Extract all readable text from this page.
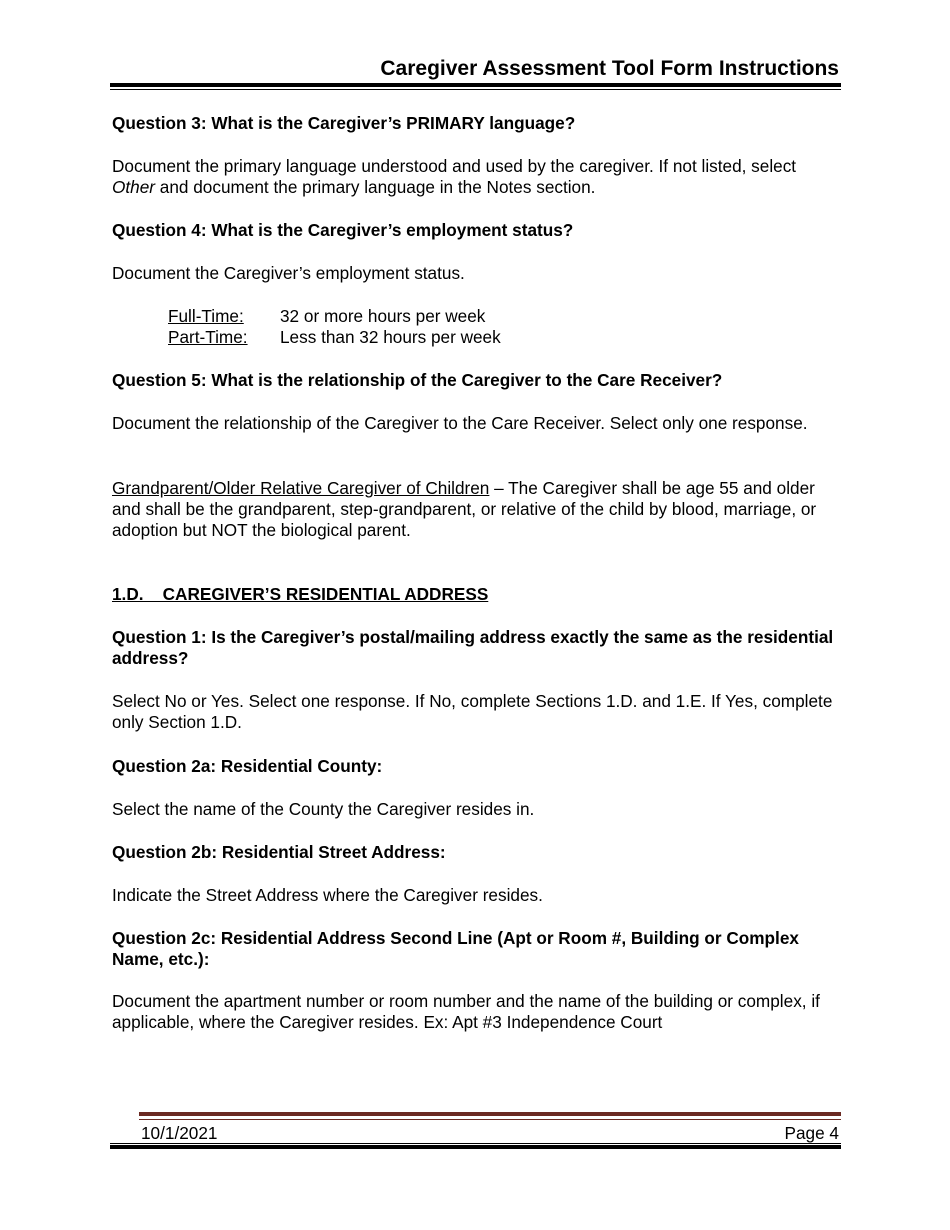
Caregiver Assessment Tool Form Instructions
Question 3: What is the Caregiver’s PRIMARY language?
Document the primary language understood and used by the caregiver. If not listed, select Other and document the primary language in the Notes section.
Question 4: What is the Caregiver’s employment status?
Document the Caregiver’s employment status.
Full-Time: 32 or more hours per week
Part-Time: Less than 32 hours per week
Question 5: What is the relationship of the Caregiver to the Care Receiver?
Document the relationship of the Caregiver to the Care Receiver. Select only one response.
Grandparent/Older Relative Caregiver of Children – The Caregiver shall be age 55 and older and shall be the grandparent, step-grandparent, or relative of the child by blood, marriage, or adoption but NOT the biological parent.
1.D.    CAREGIVER’S RESIDENTIAL ADDRESS
Question 1: Is the Caregiver’s postal/mailing address exactly the same as the residential address?
Select No or Yes. Select one response. If No, complete Sections 1.D. and 1.E. If Yes, complete only Section 1.D.
Question 2a: Residential County:
Select the name of the County the Caregiver resides in.
Question 2b: Residential Street Address:
Indicate the Street Address where the Caregiver resides.
Question 2c: Residential Address Second Line (Apt or Room #, Building or Complex Name, etc.):
Document the apartment number or room number and the name of the building or complex, if applicable, where the Caregiver resides. Ex: Apt #3 Independence Court
10/1/2021	Page 4
